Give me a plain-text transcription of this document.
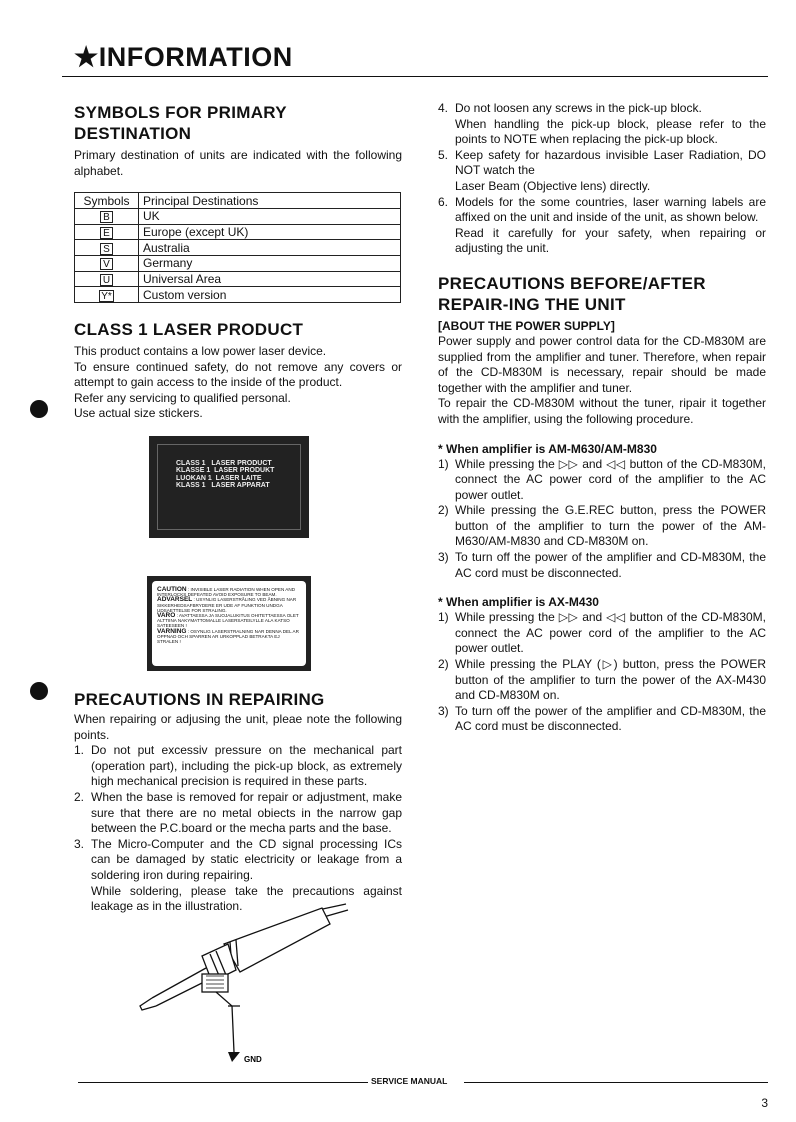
★INFORMATION
SYMBOLS FOR PRIMARY DESTINATION

Primary destination of units are indicated with the following alphabet.

Symbols	Principal Destinations
B	UK
E	Europe (except UK)
S	Australia
V	Germany
U	Universal Area
Y*	Custom version
CLASS 1 LASER PRODUCT

This product contains a low power laser device.

To ensure continued safety, do not remove any covers or attempt to gain access to the inside of the product.

Refer any servicing to qualified personal.

Use actual size stickers.

CLASS 1   LASER PRODUCT
KLASSE 1  LASER PRODUKT
LUOKAN 1  LASER LAITE
KLASS 1   LASER APPARAT
CAUTION : INVISIBLE LASER RADIATION WHEN OPEN AND INTERLOCKS DEFEATED AVOID EXPOSURE TO BEAM.
ADVARSEL : USYNLIG LASERSTRÅLING VED ÅBNING NAR SIKKERHEDSAFBRYDERE ER UDE AF FUNKTION UNDGA UDSAETTELSE FOR STRALING.
VARO : AVATTAESSA JA SUOJALUKITUS OHITETTAESSA OLET ALTTIINA NAKYMATTOMALLE LASERSATEILYLLE ALA KATSO SATEESEEN !
VARNING : OSYNLIG LASERSTRALNING NAR DENNA DEL AR OPPNAD OCH SPARREN AR URKOPPLAD BETRAKTA EJ STRALEN !
PRECAUTIONS IN REPAIRING

When repairing or adjusing the unit, pleae note the following points.

1. Do not put excessiv pressure on the mechanical part (operation part), including the pick-up block, as extremely high mechanical precision is required in these parts.
2. When the base is removed for repair or adjustment, make sure that there are no metal obiects in the narrow gap between the P.C.board or the mecha parts and the base.
3. The Micro-Computer and the CD signal processing ICs can be damaged by static electricity or leakage from a soldering iron during repairing.
While soldering, please take the precautions against leakage as in the illustration.
GND
4. Do not loosen any screws in the pick-up block.
When handling the pick-up block, please refer to the points to NOTE when replacing the pick-up block.
5. Keep safety for hazardous invisible Laser Radiation, DO NOT watch the
Laser Beam (Objective lens) directly.
6. Models for the some countries, laser warning labels are affixed on the unit and inside of the unit, as shown below.
Read it carefully for your safety, when repairing or adjusting the unit.
PRECAUTIONS BEFORE/AFTER REPAIR-ING THE UNIT
[ABOUT THE POWER SUPPLY]

Power supply and power control data for the CD-M830M are supplied from the amplifier and tuner. Therefore, when repair of the CD-M830M is necessary, repair should be made together with the amplifier and tuner.

To repair the CD-M830M without the tuner, ripair it together with the amplifier, using the following procedure.

* When amplifier is AM-M630/AM-M830
1) While pressing the ▷▷ and ◁◁ button of the CD-M830M, connect the AC power cord of the amplifier to the AC power outlet.
2) While pressing the G.E.REC button, press the POWER button of the amplifier to turn the power of the AM-M630/AM-M830 and CD-M830M on.
3) To turn off the power of the amplifier and CD-M830M, the AC cord must be disconnected.
* When amplifier is AX-M430
1) While pressing the ▷▷ and ◁◁ button of the CD-M830M, connect the AC power cord of the amplifier to the AC power outlet.
2) While pressing the PLAY (▷) button, press the POWER button of the amplifier to turn the power of the AX-M430 and CD-M830M on.
3) To turn off the power of the amplifier and CD-M830M, the AC cord must be disconnected.
SERVICE MANUAL
3
